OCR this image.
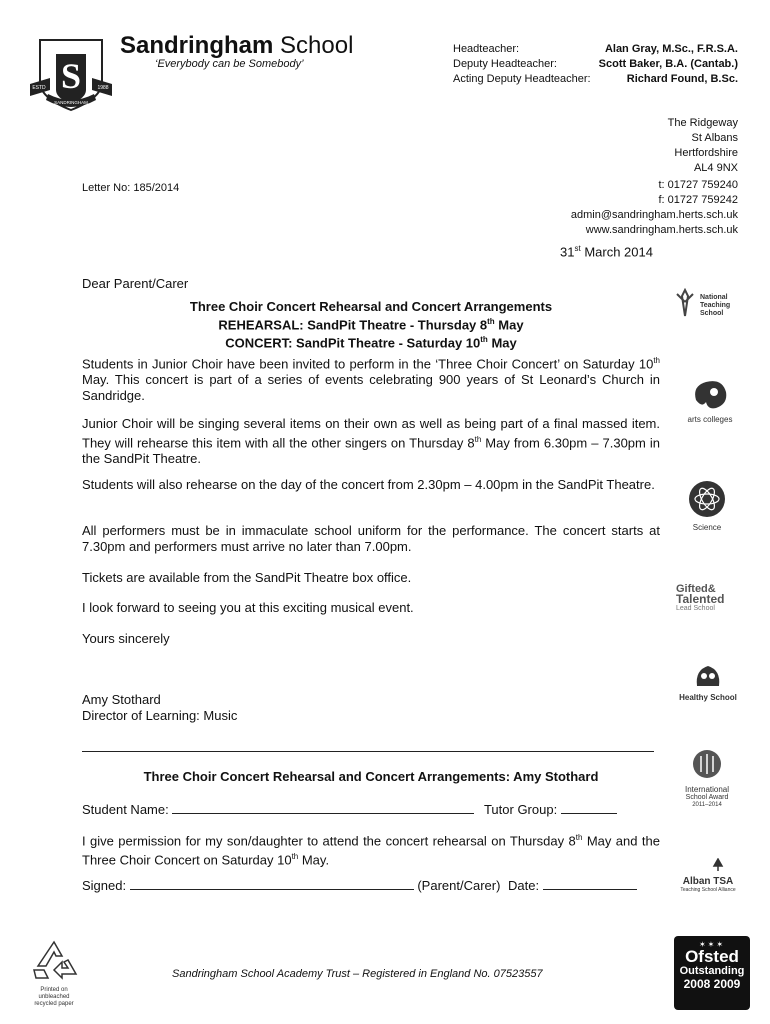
S
ESTD	1988
SANDRINGHAM
Sandringham School
‘Everybody can be Somebody’
Headteacher:	Alan Gray, M.Sc., F.R.S.A.
Deputy Headteacher:	Scott Baker, B.A. (Cantab.)
Acting Deputy Headteacher:	Richard Found, B.Sc.
The Ridgeway
St Albans
Hertfordshire
AL4 9NX
t: 01727 759240
f: 01727 759242
admin@sandringham.herts.sch.uk
www.sandringham.herts.sch.uk
Letter No: 185/2014
31st March 2014
Dear Parent/Carer
Three Choir Concert Rehearsal and Concert Arrangements
REHEARSAL: SandPit Theatre - Thursday 8th May
CONCERT: SandPit Theatre - Saturday 10th May
Students in Junior Choir have been invited to perform in the ‘Three Choir Concert’ on Saturday 10th May. This concert is part of a series of events celebrating 900 years of St Leonard’s Church in Sandridge.
Junior Choir will be singing several items on their own as well as being part of a final massed item. They will rehearse this item with all the other singers on Thursday 8th May from 6.30pm – 7.30pm in the SandPit Theatre.
Students will also rehearse on the day of the concert from 2.30pm – 4.00pm in the SandPit Theatre.
All performers must be in immaculate school uniform for the performance. The concert starts at 7.30pm and performers must arrive no later than 7.00pm.
Tickets are available from the SandPit Theatre box office.
I look forward to seeing you at this exciting musical event.
Yours sincerely
Amy Stothard
Director of Learning: Music
Three Choir Concert Rehearsal and Concert Arrangements: Amy Stothard
Student Name:	Tutor Group:
I give permission for my son/daughter to attend the concert rehearsal on Thursday 8th May and the Three Choir Concert on Saturday 10th May.
Signed:	(Parent/Carer) Date:
National
Teaching
School
arts colleges
Science
Gifted&
Talented
Lead School
Healthy School
International
School Award
2011–2014
Alban TSA
Teaching School Alliance
✶✶✶
Ofsted
Outstanding
2008 2009
Printed on
unbleached
recycled paper
Sandringham School Academy Trust – Registered in England No. 07523557
